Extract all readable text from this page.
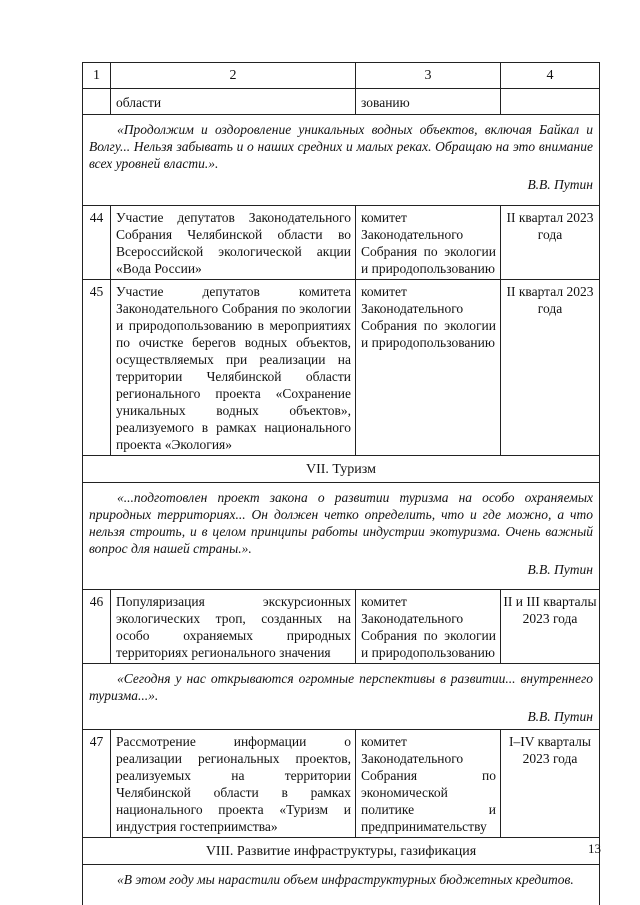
1	2	3	4
	области	зованию	

«Продолжим и оздоровление уникальных водных объектов, включая Байкал и Волгу... Нельзя забывать и о наших средних и малых реках. Обращаю на это внимание всех уровней власти.».

В.В. Путин			

44	Участие депутатов Законодательного Собрания Челябинской области во Всероссийской экологической акции «Вода России»	комитет Законодательного Собрания по экологии и природопользованию	II квартал 2023 года
45	Участие депутатов комитета Законодательного Собрания по экологии и природопользованию в мероприятиях по очистке берегов водных объектов, осуществляемых при реализации на территории Челябинской области регионального проекта «Сохранение уникальных водных объектов», реализуемого в рамках национального проекта «Экология»	комитет Законодательного Собрания по экологии и природопользованию	II квартал 2023 года
VII. Туризм			

«...подготовлен проект закона о развитии туризма на особо охраняемых природных территориях... Он должен четко определить, что и где можно, а что нельзя строить, и в целом принципы работы индустрии экотуризма. Очень важный вопрос для нашей страны.».

В.В. Путин			

46	Популяризация экскурсионных экологических троп, созданных на особо охраняемых природных территориях регионального значения	комитет Законодательного Собрания по экологии и природопользованию	II и III кварталы 2023 года

«Сегодня у нас открываются огромные перспективы в развитии... внутреннего туризма...».

В.В. Путин			

47	Рассмотрение информации о реализации региональных проектов, реализуемых на территории Челябинской области в рамках национального проекта «Туризм и индустрия гостеприимства»	комитет Законодательного Собрания по экономической политике и предпринимательству	I–IV кварталы 2023 года
VIII. Развитие инфраструктуры, газификация			

«В этом году мы нарастили объем инфраструктурных бюджетных кредитов.			

13
